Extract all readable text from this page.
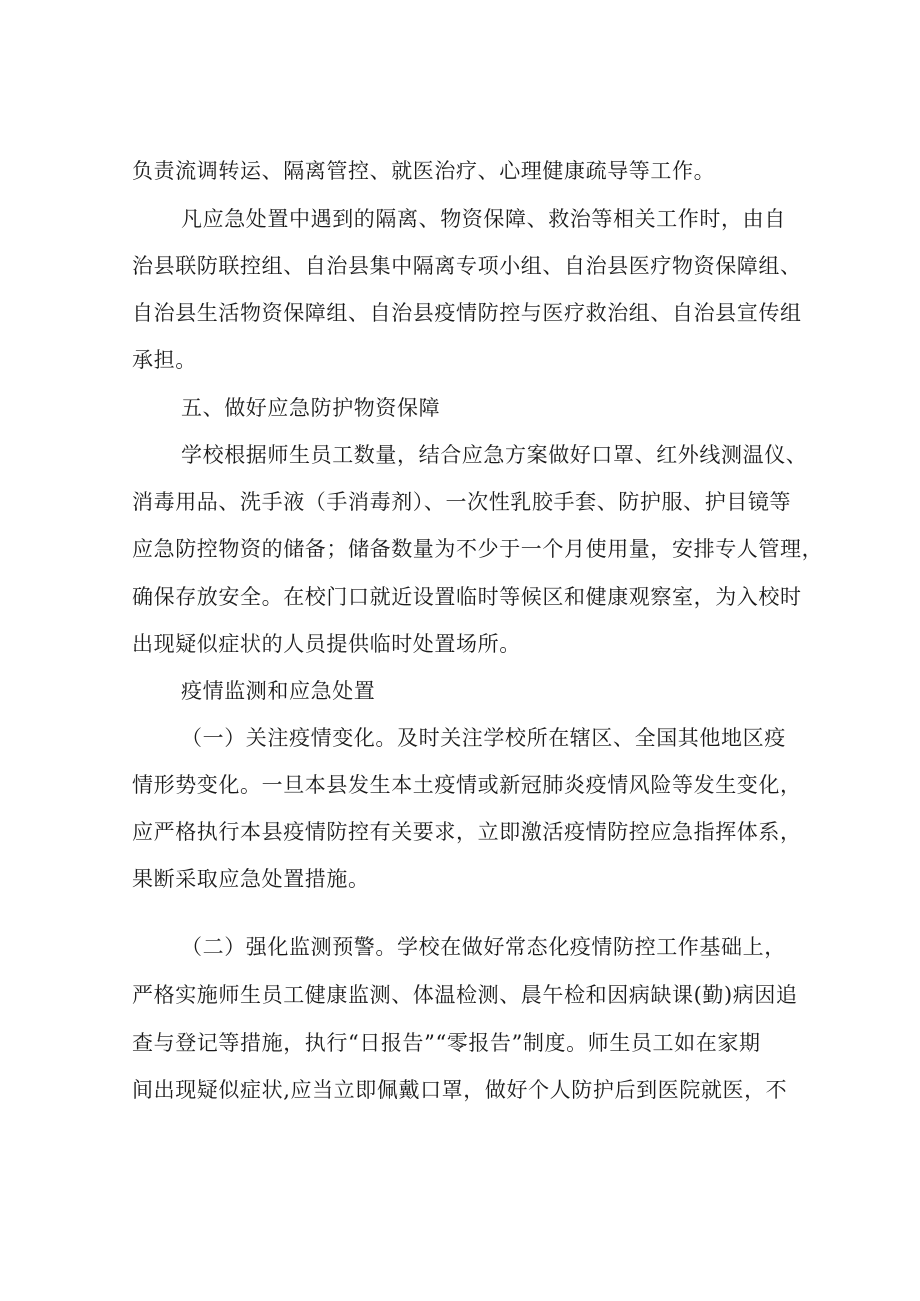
负责流调转运、隔离管控、就医治疗、心理健康疏导等工作。
凡应急处置中遇到的隔离、物资保障、救治等相关工作时，由自
治县联防联控组、自治县集中隔离专项小组、自治县医疗物资保障组、
自治县生活物资保障组、自治县疫情防控与医疗救治组、自治县宣传组
承担。
五、做好应急防护物资保障
学校根据师生员工数量，结合应急方案做好口罩、红外线测温仪、
消毒用品、洗手液（手消毒剂）、一次性乳胶手套、防护服、护目镜等
应急防控物资的储备；储备数量为不少于一个月使用量，安排专人管理，
确保存放安全。在校门口就近设置临时等候区和健康观察室，为入校时
出现疑似症状的人员提供临时处置场所。
疫情监测和应急处置
（一）关注疫情变化。及时关注学校所在辖区、全国其他地区疫
情形势变化。一旦本县发生本土疫情或新冠肺炎疫情风险等发生变化，
应严格执行本县疫情防控有关要求，立即激活疫情防控应急指挥体系，
果断采取应急处置措施。
（二）强化监测预警。学校在做好常态化疫情防控工作基础上，
严格实施师生员工健康监测、体温检测、晨午检和因病缺课(勤)病因追
查与登记等措施，执行“日报告”“零报告”制度。师生员工如在家期
间出现疑似症状,应当立即佩戴口罩，做好个人防护后到医院就医，不
